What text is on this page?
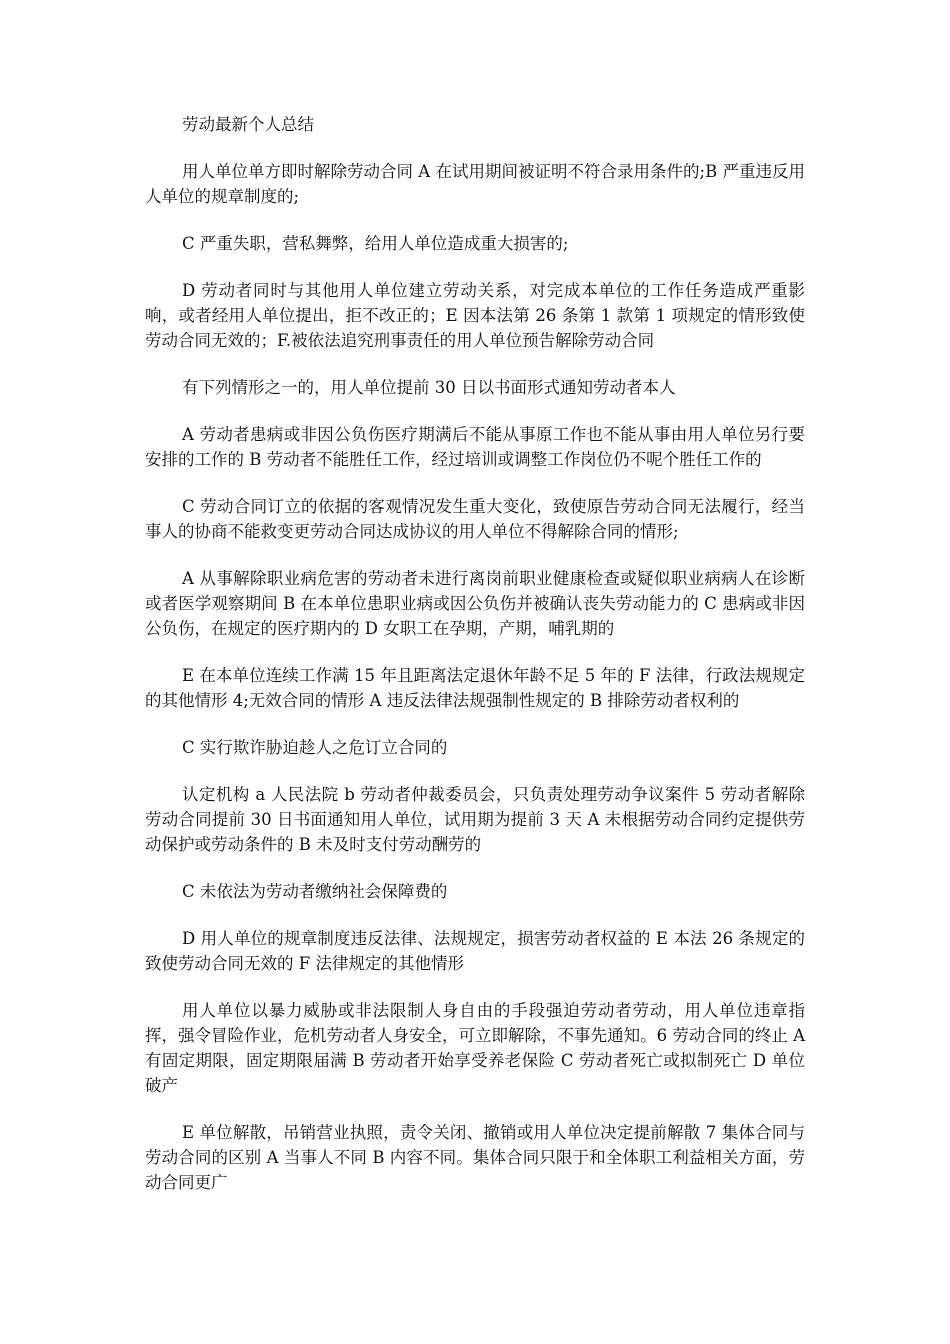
劳动最新个人总结

用人单位单方即时解除劳动合同 A 在试用期间被证明不符合录用条件的;B 严重违反用人单位的规章制度的;

C 严重失职，营私舞弊，给用人单位造成重大损害的;

D 劳动者同时与其他用人单位建立劳动关系，对完成本单位的工作任务造成严重影响，或者经用人单位提出，拒不改正的；E 因本法第 26 条第 1 款第 1 项规定的情形致使劳动合同无效的；F.被依法追究刑事责任的用人单位预告解除劳动合同

有下列情形之一的，用人单位提前 30 日以书面形式通知劳动者本人

A 劳动者患病或非因公负伤医疗期满后不能从事原工作也不能从事由用人单位另行要安排的工作的 B 劳动者不能胜任工作，经过培训或调整工作岗位仍不呢个胜任工作的

C 劳动合同订立的依据的客观情况发生重大变化，致使原告劳动合同无法履行，经当事人的协商不能救变更劳动合同达成协议的用人单位不得解除合同的情形;

A 从事解除职业病危害的劳动者未进行离岗前职业健康检查或疑似职业病病人在诊断或者医学观察期间 B 在本单位患职业病或因公负伤并被确认丧失劳动能力的 C 患病或非因公负伤，在规定的医疗期内的 D 女职工在孕期，产期，哺乳期的

E 在本单位连续工作满 15 年且距离法定退休年龄不足 5 年的 F 法律，行政法规规定的其他情形 4;无效合同的情形 A 违反法律法规强制性规定的 B 排除劳动者权利的

C 实行欺诈胁迫趁人之危订立合同的

认定机构 a 人民法院 b 劳动者仲裁委员会，只负责处理劳动争议案件 5 劳动者解除劳动合同提前 30 日书面通知用人单位，试用期为提前 3 天 A 未根据劳动合同约定提供劳动保护或劳动条件的 B 未及时支付劳动酬劳的

C 未依法为劳动者缴纳社会保障费的

D 用人单位的规章制度违反法律、法规规定，损害劳动者权益的 E 本法 26 条规定的致使劳动合同无效的 F 法律规定的其他情形

用人单位以暴力威胁或非法限制人身自由的手段强迫劳动者劳动，用人单位违章指挥，强令冒险作业，危机劳动者人身安全，可立即解除，不事先通知。6 劳动合同的终止 A 有固定期限，固定期限届满 B 劳动者开始享受养老保险 C 劳动者死亡或拟制死亡 D 单位破产

E 单位解散，吊销营业执照，责令关闭、撤销或用人单位决定提前解散 7 集体合同与劳动合同的区别 A 当事人不同 B 内容不同。集体合同只限于和全体职工利益相关方面，劳动合同更广
